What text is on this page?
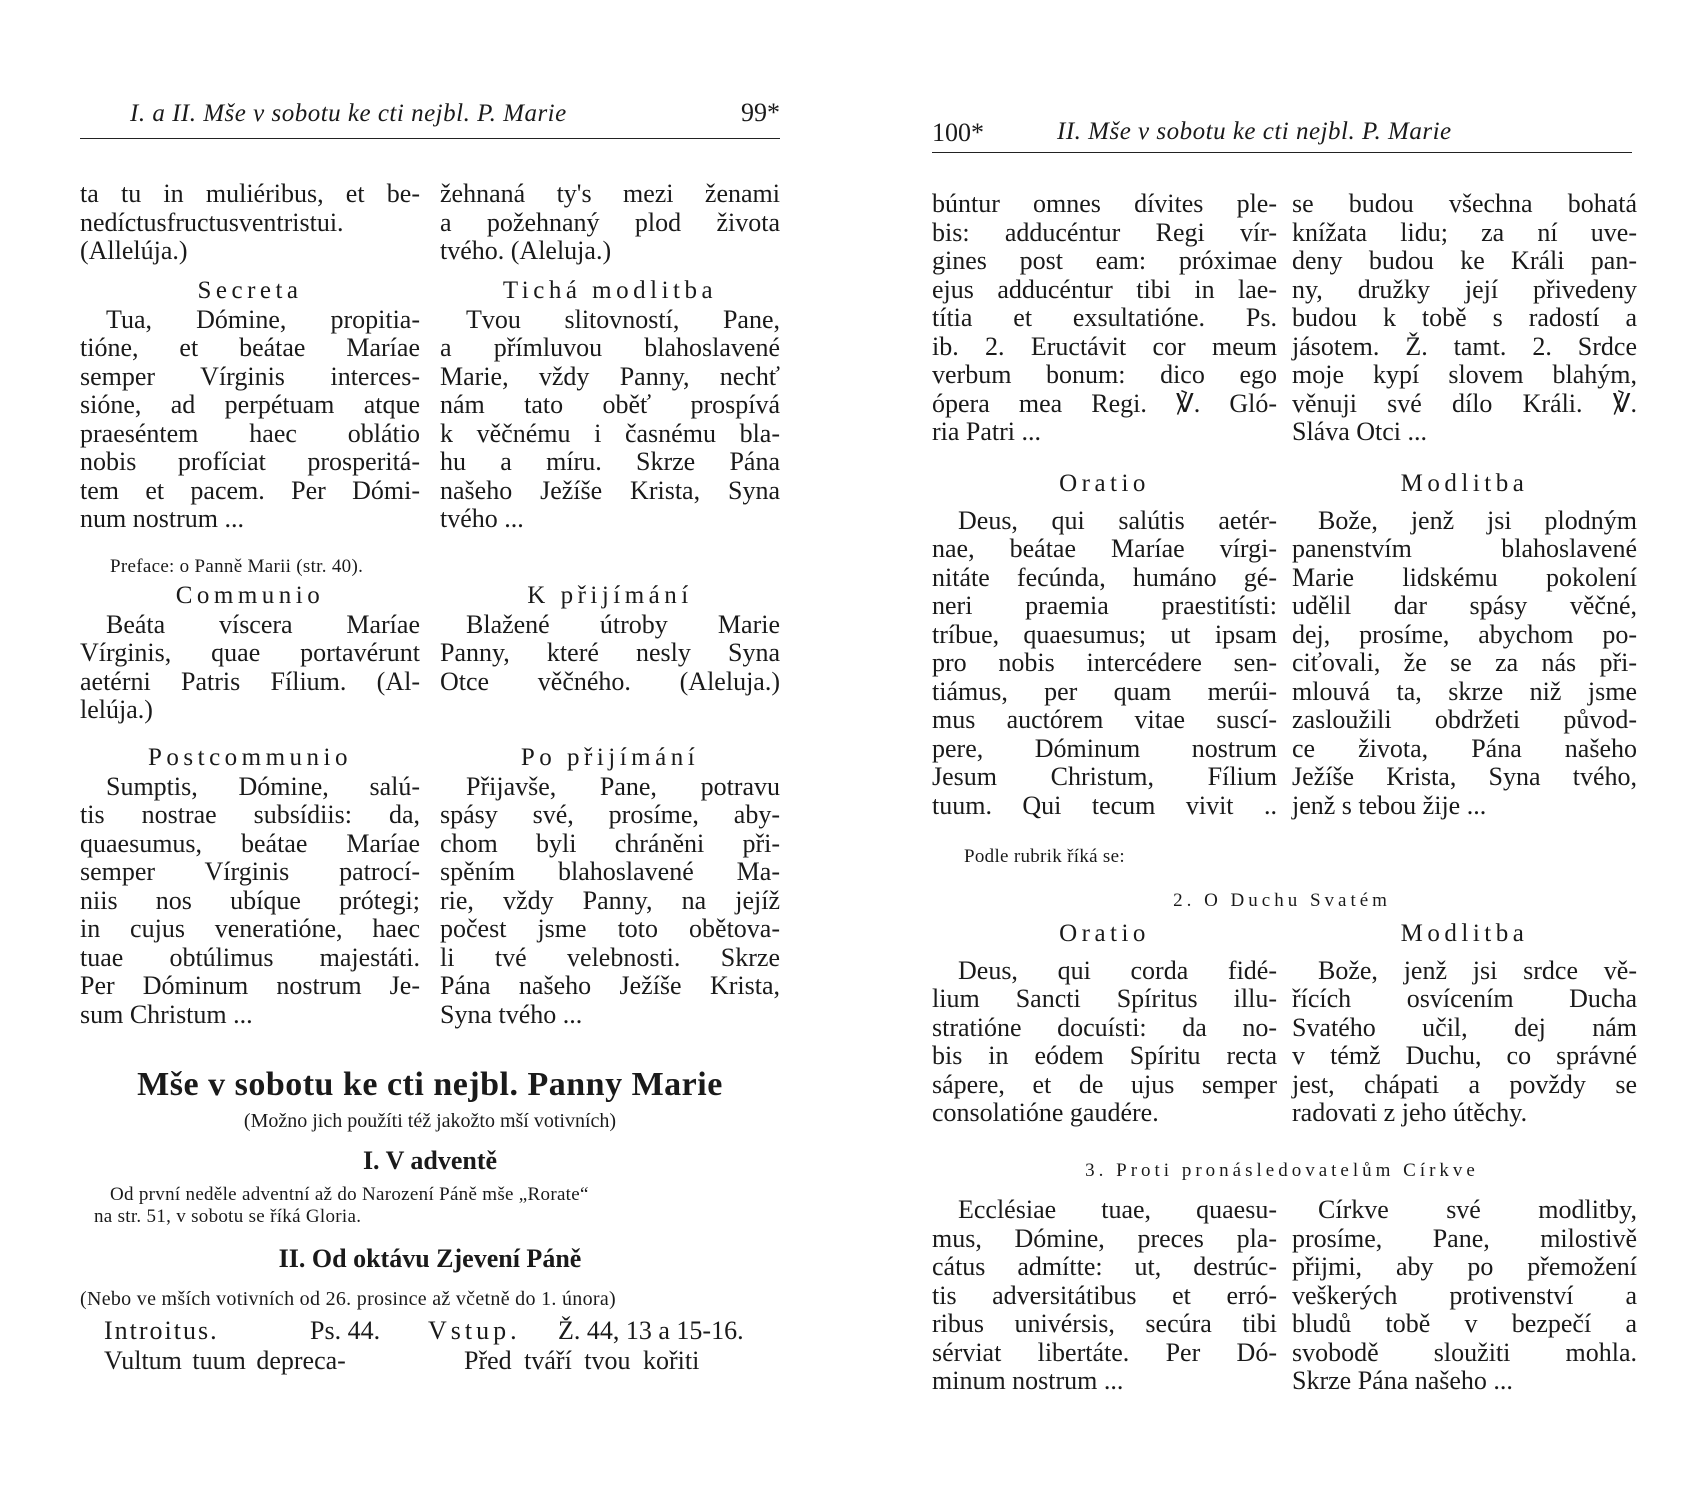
I. a II. Mše v sobotu ke cti nejbl. P. Marie	99*
ta tu in muliéribus, et be-
nedíctusfructusventristui.
(Allelúja.)
žehnaná ty's mezi ženami
a požehnaný plod života
tvého. (Aleluja.)
Secreta
Tua, Dómine, propitia-
tióne, et beátae Maríae
semper Vírginis interces-
sióne, ad perpétuam atque
praeséntem haec oblátio
nobis profíciat prosperitá-
tem et pacem. Per Dómi-
num nostrum ...
Tichá modlitba
Tvou slitovností, Pane,
a přímluvou blahoslavené
Marie, vždy Panny, nechť
nám tato oběť prospívá
k věčnému i časnému bla-
hu a míru. Skrze Pána
našeho Ježíše Krista, Syna
tvého ...
Preface: o Panně Marii (str. 40).
Communio
Beáta víscera Maríae
Vírginis, quae portavérunt
aetérni Patris Fílium. (Al-
lelúja.)
K přijímání
Blažené útroby Marie
Panny, které nesly Syna
Otce věčného. (Aleluja.)
Postcommunio
Sumptis, Dómine, salú-
tis nostrae subsídiis: da,
quaesumus, beátae Maríae
semper Vírginis patrocí-
niis nos ubíque prótegi;
in cujus veneratióne, haec
tuae obtúlimus majestáti.
Per Dóminum nostrum Je-
sum Christum ...
Po přijímání
Přijavše, Pane, potravu
spásy své, prosíme, aby-
chom byli chráněni při-
spěním blahoslavené Ma-
rie, vždy Panny, na jejíž
počest jsme toto obětova-
li tvé velebnosti. Skrze
Pána našeho Ježíše Krista,
Syna tvého ...
Mše v sobotu ke cti nejbl. Panny Marie
(Možno jich použíti též jakožto mší votivních)
I. V adventě
Od první neděle adventní až do Narození Páně mše „Rorate“
na str. 51, v sobotu se říká Gloria.
II. Od oktávu Zjevení Páně
(Nebo ve mších votivních od 26. prosince až včetně do 1. února)
Introitus.	Ps. 44. Vstup. Ž. 44, 13 a 15-16.
Vultum tuum depreca-	Před tváří tvou kořiti
100*	II. Mše v sobotu ke cti nejbl. P. Marie
búntur omnes dívites ple-
bis: adducéntur Regi vír-
gines post eam: próximae
ejus adducéntur tibi in lae-
títia et exsultatióne. Ps.
ib. 2. Eructávit cor meum
verbum bonum: dico ego
ópera mea Regi. ℣. Gló-
ria Patri ...
se budou všechna bohatá
knížata lidu; za ní uve-
deny budou ke Králi pan-
ny, družky její přivedeny
budou k tobě s radostí a
jásotem. Ž. tamt. 2. Srdce
moje kypí slovem blahým,
věnuji své dílo Králi. ℣.
Sláva Otci ...
Oratio
Deus, qui salútis aetér-
nae, beátae Maríae vírgi-
nitáte fecúnda, humáno gé-
neri praemia praestitísti:
tríbue, quaesumus; ut ipsam
pro nobis intercédere sen-
tiámus, per quam merúi-
mus auctórem vitae suscí-
pere, Dóminum nostrum
Jesum Christum, Fílium
tuum. Qui tecum vivit ..
Modlitba
Bože, jenž jsi plodným
panenstvím blahoslavené
Marie lidskému pokolení
udělil dar spásy věčné,
dej, prosíme, abychom po-
ciťovali, že se za nás při-
mlouvá ta, skrze niž jsme
zasloužili obdržeti původ-
ce života, Pána našeho
Ježíše Krista, Syna tvého,
jenž s tebou žije ...
Podle rubrik říká se:
2. O Duchu Svatém
Oratio
Deus, qui corda fidé-
lium Sancti Spíritus illu-
stratióne docuísti: da no-
bis in eódem Spíritu recta
sápere, et de ujus semper
consolatióne gaudére.
Modlitba
Bože, jenž jsi srdce vě-
řících osvícením Ducha
Svatého učil, dej nám
v témž Duchu, co správné
jest, chápati a povždy se
radovati z jeho útěchy.
3. Proti pronásledovatelům Církve
Ecclésiae tuae, quaesu-
mus, Dómine, preces pla-
cátus admítte: ut, destrúc-
tis adversitátibus et erró-
ribus univérsis, secúra tibi
sérviat libertáte. Per Dó-
minum nostrum ...
Církve své modlitby,
prosíme, Pane, milostivě
přijmi, aby po přemožení
veškerých protivenství a
bludů tobě v bezpečí a
svobodě sloužiti mohla.
Skrze Pána našeho ...
